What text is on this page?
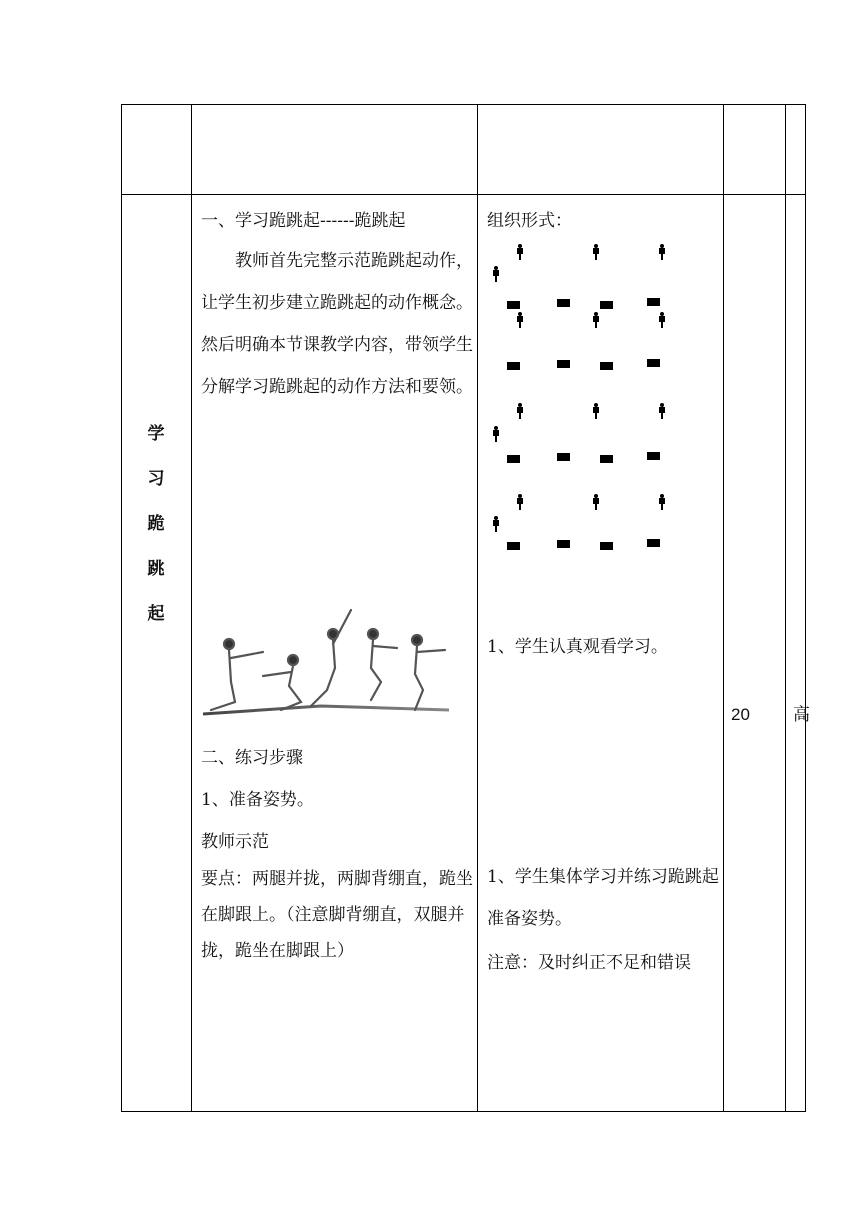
学
习
跪
跳
起
一、学习跪跳起------跪跳起
教师首先完整示范跪跳起动作，让学生初步建立跪跳起的动作概念。然后明确本节课教学内容，带领学生分解学习跪跳起的动作方法和要领。
二、练习步骤
1、准备姿势。
教师示范
要点：两腿并拢，两脚背绷直，跪坐在脚跟上。（注意脚背绷直，双腿并拢，跪坐在脚跟上）
组织形式：
1、学生认真观看学习。
1、学生集体学习并练习跪跳起准备姿势。
注意：及时纠正不足和错误
20	高
